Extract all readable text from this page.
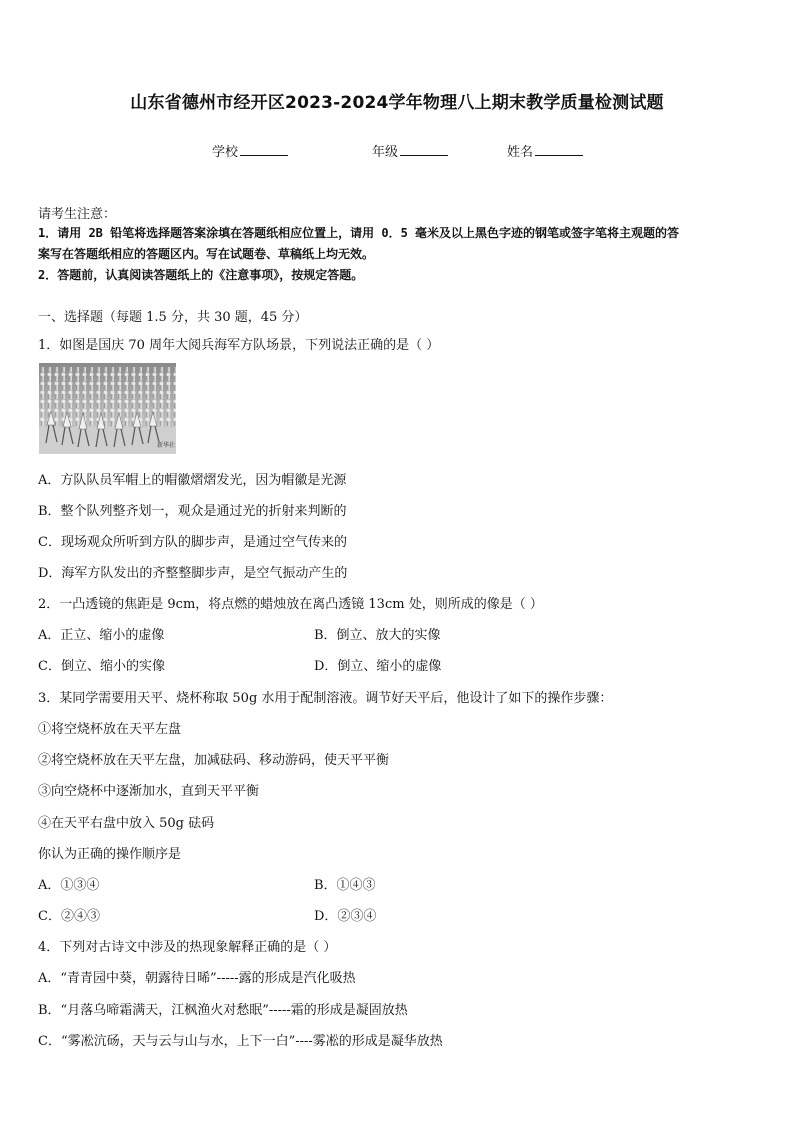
山东省德州市经开区2023-2024学年物理八上期末教学质量检测试题
学校	年级	姓名
请考生注意：
1．请用 2B 铅笔将选择题答案涂填在答题纸相应位置上，请用 0．5 毫米及以上黑色字迹的钢笔或签字笔将主观题的答
案写在答题纸相应的答题区内。写在试题卷、草稿纸上均无效。
2．答题前，认真阅读答题纸上的《注意事项》，按规定答题。
一、选择题（每题 1.5 分，共 30 题，45 分）
1．如图是国庆 70 周年大阅兵海军方队场景，下列说法正确的是（ ）
新华社
A．方队队员军帽上的帽徽熠熠发光，因为帽徽是光源
B．整个队列整齐划一，观众是通过光的折射来判断的
C．现场观众所听到方队的脚步声，是通过空气传来的
D．海军方队发出的齐整整脚步声，是空气振动产生的
2．一凸透镜的焦距是 9cm，将点燃的蜡烛放在离凸透镜 13cm 处，则所成的像是（ ）
A．正立、缩小的虚像	B．倒立、放大的实像
C．倒立、缩小的实像	D．倒立、缩小的虚像
3．某同学需要用天平、烧杯称取 50g 水用于配制溶液。调节好天平后，他设计了如下的操作步骤：
①将空烧杯放在天平左盘
②将空烧杯放在天平左盘，加减砝码、移动游码，使天平平衡
③向空烧杯中逐渐加水，直到天平平衡
④在天平右盘中放入 50g 砝码
你认为正确的操作顺序是
A．①③④	B．①④③
C．②④③	D．②③④
4．下列对古诗文中涉及的热现象解释正确的是（ ）
A．“青青园中葵，朝露待日晞”-----露的形成是汽化吸热
B．“月落乌啼霜满天，江枫渔火对愁眠”-----霜的形成是凝固放热
C．“雾凇沆砀，天与云与山与水，上下一白”----雾凇的形成是凝华放热
